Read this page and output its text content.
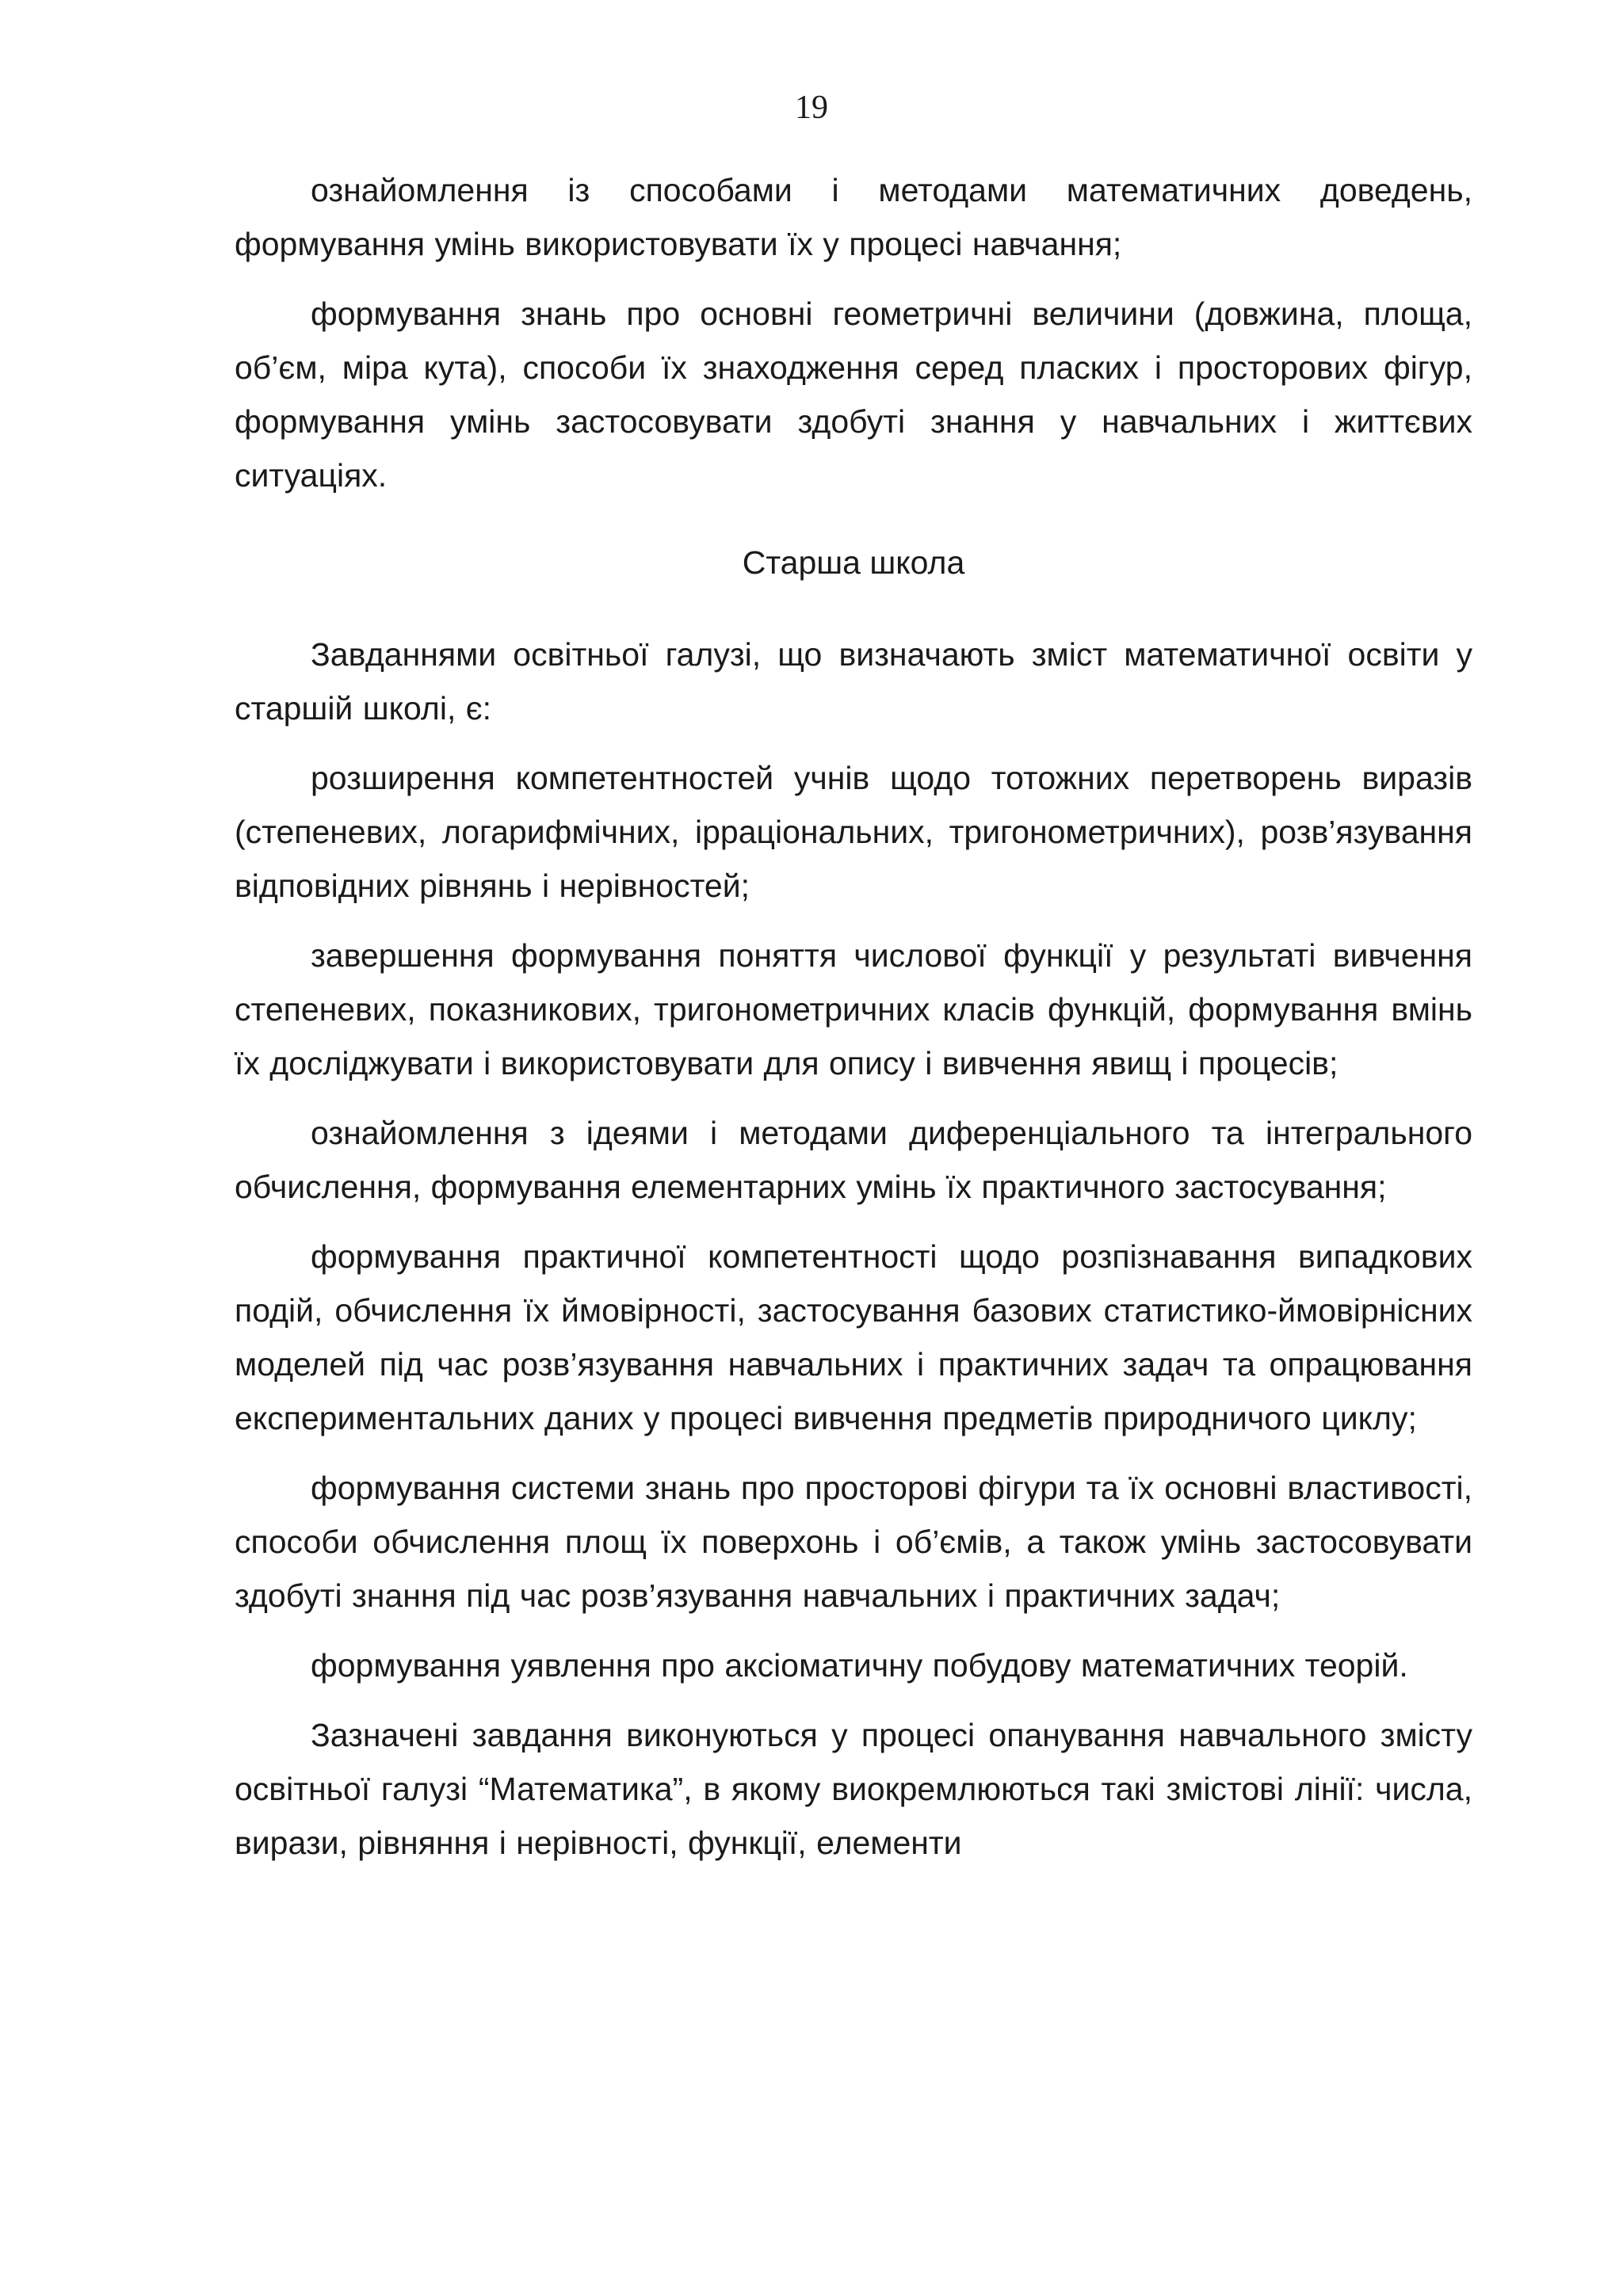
19

ознайомлення із способами і методами математичних доведень, формування умінь використовувати їх у процесі навчання;

формування знань про основні геометричні величини (довжина, площа, об’єм, міра кута), способи їх знаходження серед пласких і просторових фігур, формування умінь застосовувати здобуті знання у навчальних і життєвих ситуаціях.

Старша школа

Завданнями освітньої галузі, що визначають зміст математичної освіти у старшій школі, є:

розширення компетентностей учнів щодо тотожних перетворень виразів (степеневих, логарифмічних, ірраціональних, тригонометричних), розв’язування відповідних рівнянь і нерівностей;

завершення формування поняття числової функції у результаті вивчення степеневих, показникових, тригонометричних класів функцій, формування вмінь їх досліджувати і використовувати для опису і вивчення явищ і процесів;

ознайомлення з ідеями і методами диференціального та інтегрального обчислення, формування елементарних умінь їх практичного застосування;

формування практичної компетентності щодо розпізнавання випадкових подій, обчислення їх ймовірності, застосування базових статистико-ймовірнісних моделей під час розв’язування навчальних і практичних задач та опрацювання експериментальних даних у процесі вивчення предметів природничого циклу;

формування системи знань про просторові фігури та їх основні властивості, способи обчислення площ їх поверхонь і об’ємів, а також умінь застосовувати здобуті знання під час розв’язування навчальних і практичних задач;

формування уявлення про аксіоматичну побудову математичних теорій.

Зазначені завдання виконуються у процесі опанування навчального змісту освітньої галузі “Математика”, в якому виокремлюються такі змістові лінії: числа, вирази, рівняння і нерівності, функції, елементи
